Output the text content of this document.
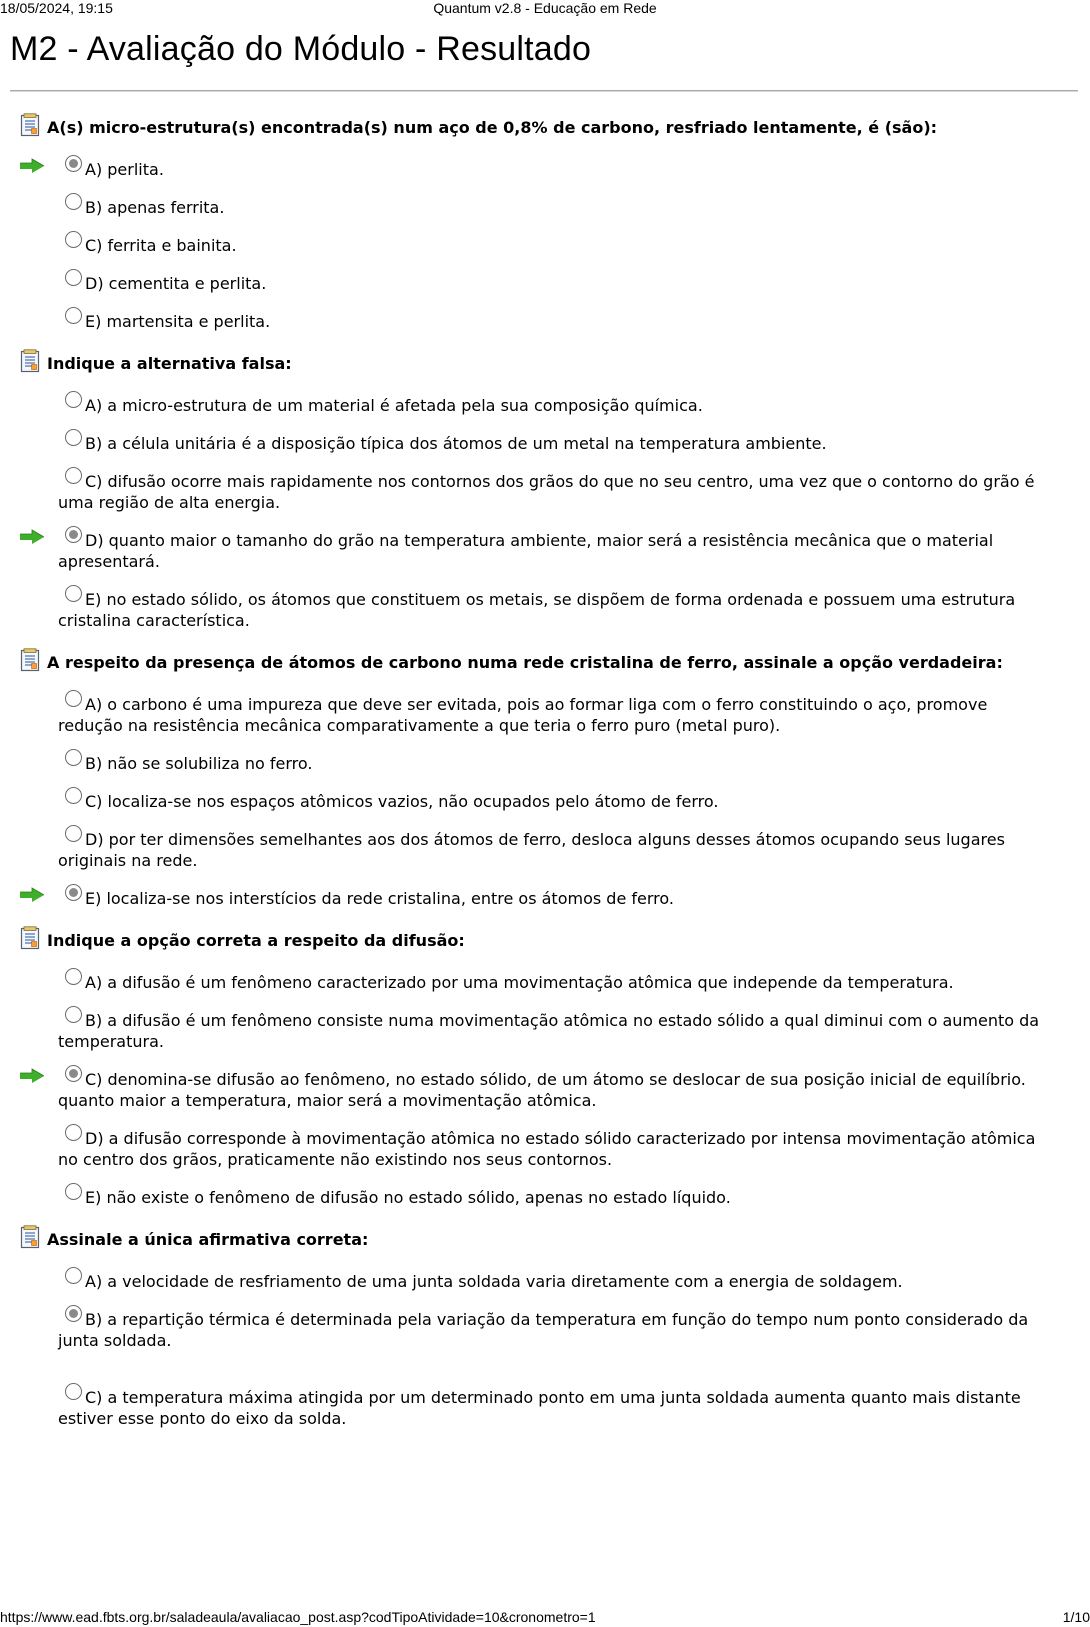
18/05/2024, 19:15	Quantum v2.8 - Educação em Rede
M2 - Avaliação do Módulo - Resultado
A(s) micro-estrutura(s) encontrada(s) num aço de 0,8% de carbono, resfriado lentamente, é (são):
A) perlita.
B) apenas ferrita.
C) ferrita e bainita.
D) cementita e perlita.
E) martensita e perlita.
Indique a alternativa falsa:
A) a micro-estrutura de um material é afetada pela sua composição química.
B) a célula unitária é a disposição típica dos átomos de um metal na temperatura ambiente.
C) difusão ocorre mais rapidamente nos contornos dos grãos do que no seu centro, uma vez que o contorno do grão é uma região de alta energia.
D) quanto maior o tamanho do grão na temperatura ambiente, maior será a resistência mecânica que o material apresentará.
E) no estado sólido, os átomos que constituem os metais, se dispõem de forma ordenada e possuem uma estrutura cristalina característica.
A respeito da presença de átomos de carbono numa rede cristalina de ferro, assinale a opção verdadeira:
A) o carbono é uma impureza que deve ser evitada, pois ao formar liga com o ferro constituindo o aço, promove redução na resistência mecânica comparativamente a que teria o ferro puro (metal puro).
B) não se solubiliza no ferro.
C) localiza-se nos espaços atômicos vazios, não ocupados pelo átomo de ferro.
D) por ter dimensões semelhantes aos dos átomos de ferro, desloca alguns desses átomos ocupando seus lugares originais na rede.
E) localiza-se nos interstícios da rede cristalina, entre os átomos de ferro.
Indique a opção correta a respeito da difusão:
A) a difusão é um fenômeno caracterizado por uma movimentação atômica que independe da temperatura.
B) a difusão é um fenômeno consiste numa movimentação atômica no estado sólido a qual diminui com o aumento da temperatura.
C) denomina-se difusão ao fenômeno, no estado sólido, de um átomo se deslocar de sua posição inicial de equilíbrio. quanto maior a temperatura, maior será a movimentação atômica.
D) a difusão corresponde à movimentação atômica no estado sólido caracterizado por intensa movimentação atômica no centro dos grãos, praticamente não existindo nos seus contornos.
E) não existe o fenômeno de difusão no estado sólido, apenas no estado líquido.
Assinale a única afirmativa correta:
A) a velocidade de resfriamento de uma junta soldada varia diretamente com a energia de soldagem.
B) a repartição térmica é determinada pela variação da temperatura em função do tempo num ponto considerado da junta soldada.
C) a temperatura máxima atingida por um determinado ponto em uma junta soldada aumenta quanto mais distante estiver esse ponto do eixo da solda.
https://www.ead.fbts.org.br/saladeaula/avaliacao_post.asp?codTipoAtividade=10&cronometro=1	1/10
